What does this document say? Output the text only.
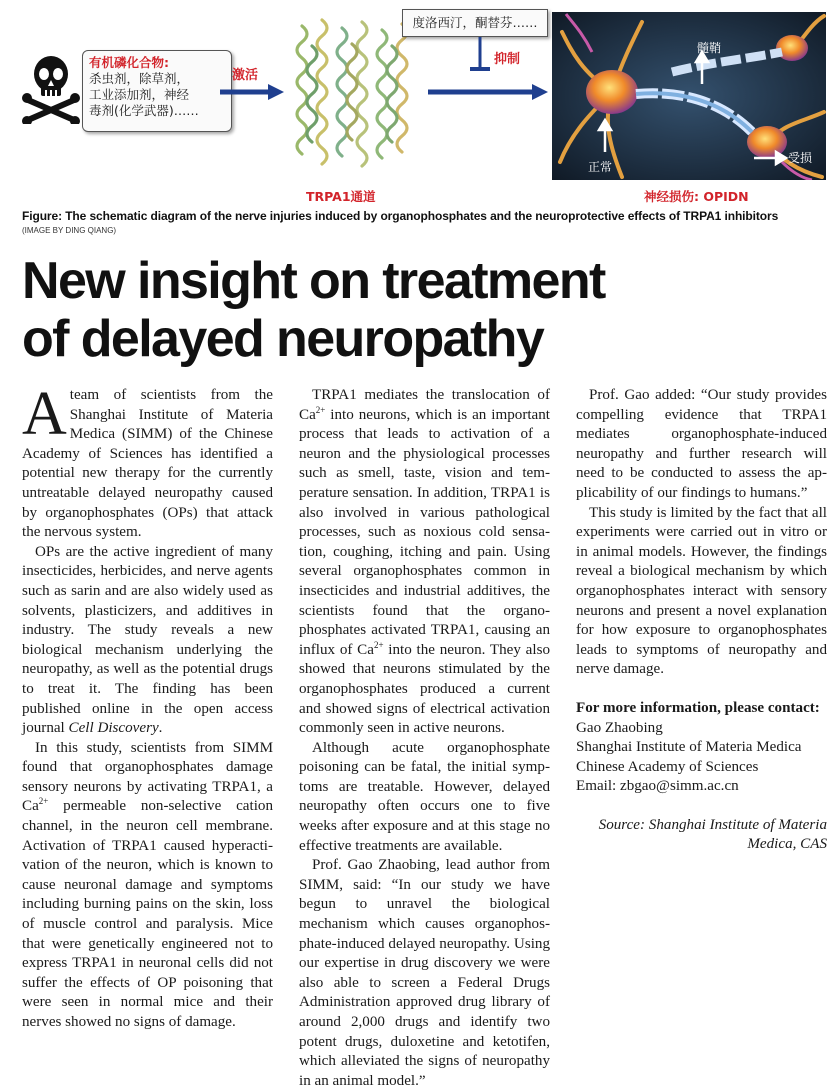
有机磷化合物:
杀虫剂，除草剂，
工业添加剂，神经
毒剂(化学武器)……
激活
TRPA1通道
度洛西汀，酮替芬……
抑制
髓鞘
正常
受损
神经损伤: OPIDN
Figure: The schematic diagram of the nerve injuries induced by organophosphates and the neuroprotective effects of TRPA1 inhibitors
(IMAGE BY DING QIANG)
New insight on treatment
of delayed neuropathy

Ateam of scientists from the Shanghai Institute of Materia Medica (SIMM) of the Chinese Academy of Sciences has identified a potential new therapy for the currently untreatable delayed neuropathy caused by organophosphates (OPs) that attack the nervous system.

OPs are the active ingredient of many insecticides, herbicides, and nerve agents such as sarin and are also widely used as solvents, plasticizers, and additives in industry. The study reveals a new biological mechanism underlying the neuropathy, as well as the potential drugs to treat it. The finding has been published online in the open access journal Cell Discovery.

In this study, scientists from SIMM found that organophosphates damage sensory neurons by activating TRPA1, a $Ca^{2+}$ permeable non-selective cation channel, in the neuron cell membrane. Activation of TRPA1 caused hyperactivation of the neuron, which is known to cause neuronal damage and symptoms including burning pains on the skin, loss of muscle control and paralysis. Mice that were genetically engineered not to express TRPA1 in neuronal cells did not suffer the effects of OP poisoning that were seen in normal mice and their nerves showed no signs of damage.

TRPA1 mediates the translocation of $Ca^{2+}$ into neurons, which is an important process that leads to activation of a neuron and the physiological processes such as smell, taste, vision and temperature sensation. In addition, TRPA1 is also involved in various pathological processes, such as noxious cold sensation, coughing, itching and pain. Using several organophosphates common in insecticides and industrial additives, the scientists found that the organophosphates activated TRPA1, causing an influx of $Ca^{2+}$ into the neuron. They also showed that neurons stimulated by the organophosphates produced a current and showed signs of electrical activation commonly seen in active neurons.

Although acute organophosphate poisoning can be fatal, the initial symptoms are treatable. However, delayed neuropathy often occurs one to five weeks after exposure and at this stage no effective treatments are available.

Prof. Gao Zhaobing, lead author from SIMM, said: “In our study we have begun to unravel the biological mechanism which causes organophosphate-induced delayed neuropathy. Using our expertise in drug discovery we were also able to screen a Federal Drugs Administration approved drug library of around 2,000 drugs and identify two potent drugs, duloxetine and ketotifen, which alleviated the signs of neuropathy in an animal model.”

Prof. Gao added: “Our study provides compelling evidence that TRPA1 mediates organophosphate-induced neuropathy and further research will need to be conducted to assess the applicability of our findings to humans.”

This study is limited by the fact that all experiments were carried out in vitro or in animal models. However, the findings reveal a biological mechanism by which organophosphates interact with sensory neurons and present a novel explanation for how exposure to organophosphates leads to symptoms of neuropathy and nerve damage.

For more information, please contact:

Gao Zhaobing

Shanghai Institute of Materia Medica

Chinese Academy of Sciences

Email: zbgao@simm.ac.cn

Source: Shanghai Institute of Materia Medica, CAS
